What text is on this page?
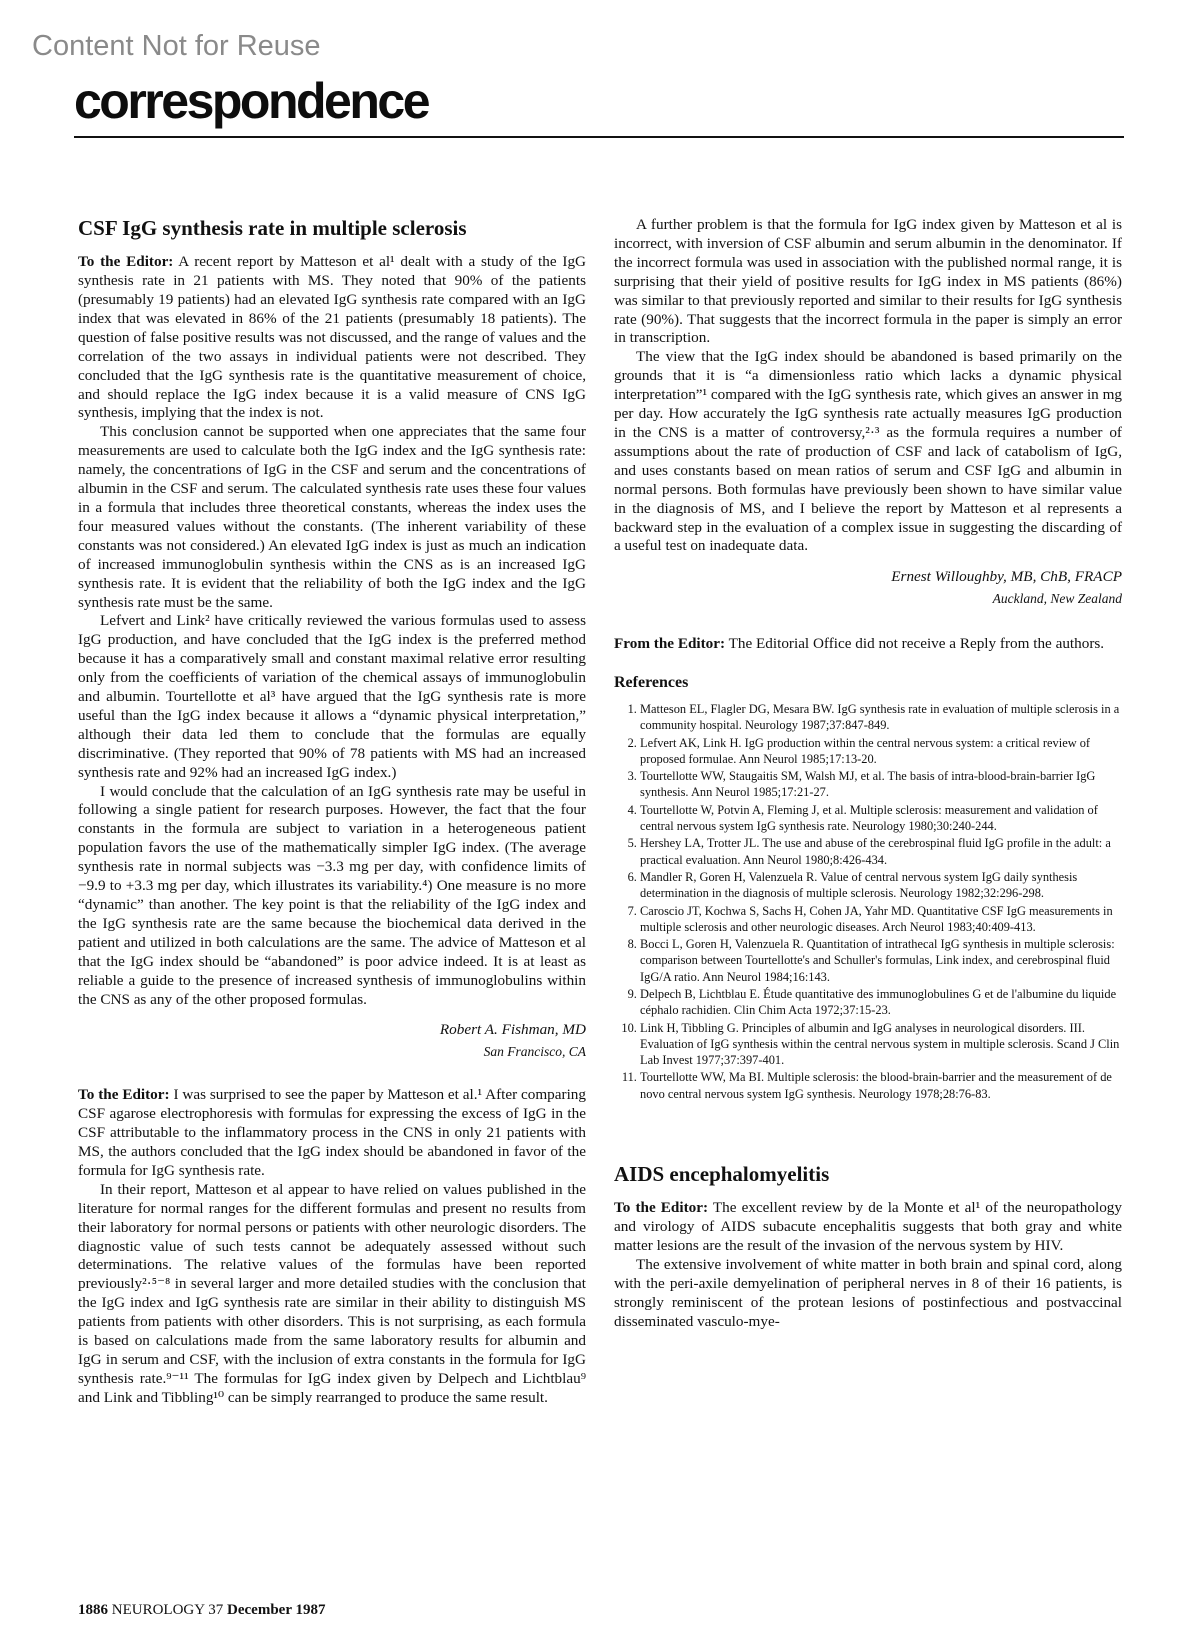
Content Not for Reuse
correspondence
CSF IgG synthesis rate in multiple sclerosis

To the Editor: A recent report by Matteson et al¹ dealt with a study of the IgG synthesis rate in 21 patients with MS. They noted that 90% of the patients (presumably 19 patients) had an elevated IgG synthesis rate compared with an IgG index that was elevated in 86% of the 21 patients (presumably 18 patients). The question of false positive results was not discussed, and the range of values and the correlation of the two assays in individual patients were not described. They concluded that the IgG synthesis rate is the quantitative measurement of choice, and should replace the IgG index because it is a valid measure of CNS IgG synthesis, implying that the index is not.

This conclusion cannot be supported when one appreciates that the same four measurements are used to calculate both the IgG index and the IgG synthesis rate: namely, the concentrations of IgG in the CSF and serum and the concentrations of albumin in the CSF and serum. The calculated synthesis rate uses these four values in a formula that includes three theoretical constants, whereas the index uses the four measured values without the constants. (The inherent variability of these constants was not considered.) An elevated IgG index is just as much an indication of increased immunoglobulin synthesis within the CNS as is an increased IgG synthesis rate. It is evident that the reliability of both the IgG index and the IgG synthesis rate must be the same.

Lefvert and Link² have critically reviewed the various formulas used to assess IgG production, and have concluded that the IgG index is the preferred method because it has a comparatively small and constant maximal relative error resulting only from the coefficients of variation of the chemical assays of immunoglobulin and albumin. Tourtellotte et al³ have argued that the IgG synthesis rate is more useful than the IgG index because it allows a “dynamic physical interpretation,” although their data led them to conclude that the formulas are equally discriminative. (They reported that 90% of 78 patients with MS had an increased synthesis rate and 92% had an increased IgG index.)

I would conclude that the calculation of an IgG synthesis rate may be useful in following a single patient for research purposes. However, the fact that the four constants in the formula are subject to variation in a heterogeneous patient population favors the use of the mathematically simpler IgG index. (The average synthesis rate in normal subjects was −3.3 mg per day, with confidence limits of −9.9 to +3.3 mg per day, which illustrates its variability.⁴) One measure is no more “dynamic” than another. The key point is that the reliability of the IgG index and the IgG synthesis rate are the same because the biochemical data derived in the patient and utilized in both calculations are the same. The advice of Matteson et al that the IgG index should be “abandoned” is poor advice indeed. It is at least as reliable a guide to the presence of increased synthesis of immunoglobulins within the CNS as any of the other proposed formulas.

Robert A. Fishman, MD
San Francisco, CA

To the Editor: I was surprised to see the paper by Matteson et al.¹ After comparing CSF agarose electrophoresis with formulas for expressing the excess of IgG in the CSF attributable to the inflammatory process in the CNS in only 21 patients with MS, the authors concluded that the IgG index should be abandoned in favor of the formula for IgG synthesis rate.

In their report, Matteson et al appear to have relied on values published in the literature for normal ranges for the different formulas and present no results from their laboratory for normal persons or patients with other neurologic disorders. The diagnostic value of such tests cannot be adequately assessed without such determinations. The relative values of the formulas have been reported previously²·⁵⁻⁸ in several larger and more detailed studies with the conclusion that the IgG index and IgG synthesis rate are similar in their ability to distinguish MS patients from patients with other disorders. This is not surprising, as each formula is based on calculations made from the same laboratory results for albumin and IgG in serum and CSF, with the inclusion of extra constants in the formula for IgG synthesis rate.⁹⁻¹¹ The formulas for IgG index given by Delpech and Lichtblau⁹ and Link and Tibbling¹⁰ can be simply rearranged to produce the same result.

A further problem is that the formula for IgG index given by Matteson et al is incorrect, with inversion of CSF albumin and serum albumin in the denominator. If the incorrect formula was used in association with the published normal range, it is surprising that their yield of positive results for IgG index in MS patients (86%) was similar to that previously reported and similar to their results for IgG synthesis rate (90%). That suggests that the incorrect formula in the paper is simply an error in transcription.

The view that the IgG index should be abandoned is based primarily on the grounds that it is “a dimensionless ratio which lacks a dynamic physical interpretation”¹ compared with the IgG synthesis rate, which gives an answer in mg per day. How accurately the IgG synthesis rate actually measures IgG production in the CNS is a matter of controversy,²·³ as the formula requires a number of assumptions about the rate of production of CSF and lack of catabolism of IgG, and uses constants based on mean ratios of serum and CSF IgG and albumin in normal persons. Both formulas have previously been shown to have similar value in the diagnosis of MS, and I believe the report by Matteson et al represents a backward step in the evaluation of a complex issue in suggesting the discarding of a useful test on inadequate data.

Ernest Willoughby, MB, ChB, FRACP
Auckland, New Zealand

From the Editor: The Editorial Office did not receive a Reply from the authors.

References
1. Matteson EL, Flagler DG, Mesara BW. IgG synthesis rate in evaluation of multiple sclerosis in a community hospital. Neurology 1987;37:847-849.
2. Lefvert AK, Link H. IgG production within the central nervous system: a critical review of proposed formulae. Ann Neurol 1985;17:13-20.
3. Tourtellotte WW, Staugaitis SM, Walsh MJ, et al. The basis of intra-blood-brain-barrier IgG synthesis. Ann Neurol 1985;17:21-27.
4. Tourtellotte W, Potvin A, Fleming J, et al. Multiple sclerosis: measurement and validation of central nervous system IgG synthesis rate. Neurology 1980;30:240-244.
5. Hershey LA, Trotter JL. The use and abuse of the cerebrospinal fluid IgG profile in the adult: a practical evaluation. Ann Neurol 1980;8:426-434.
6. Mandler R, Goren H, Valenzuela R. Value of central nervous system IgG daily synthesis determination in the diagnosis of multiple sclerosis. Neurology 1982;32:296-298.
7. Caroscio JT, Kochwa S, Sachs H, Cohen JA, Yahr MD. Quantitative CSF IgG measurements in multiple sclerosis and other neurologic diseases. Arch Neurol 1983;40:409-413.
8. Bocci L, Goren H, Valenzuela R. Quantitation of intrathecal IgG synthesis in multiple sclerosis: comparison between Tourtellotte's and Schuller's formulas, Link index, and cerebrospinal fluid IgG/A ratio. Ann Neurol 1984;16:143.
9. Delpech B, Lichtblau E. Étude quantitative des immunoglobulines G et de l'albumine du liquide céphalo rachidien. Clin Chim Acta 1972;37:15-23.
10. Link H, Tibbling G. Principles of albumin and IgG analyses in neurological disorders. III. Evaluation of IgG synthesis within the central nervous system in multiple sclerosis. Scand J Clin Lab Invest 1977;37:397-401.
11. Tourtellotte WW, Ma BI. Multiple sclerosis: the blood-brain-barrier and the measurement of de novo central nervous system IgG synthesis. Neurology 1978;28:76-83.
AIDS encephalomyelitis

To the Editor: The excellent review by de la Monte et al¹ of the neuropathology and virology of AIDS subacute encephalitis suggests that both gray and white matter lesions are the result of the invasion of the nervous system by HIV.

The extensive involvement of white matter in both brain and spinal cord, along with the peri-axile demyelination of peripheral nerves in 8 of their 16 patients, is strongly reminiscent of the protean lesions of postinfectious and postvaccinal disseminated vasculo-mye-

1886 NEUROLOGY 37 December 1987
